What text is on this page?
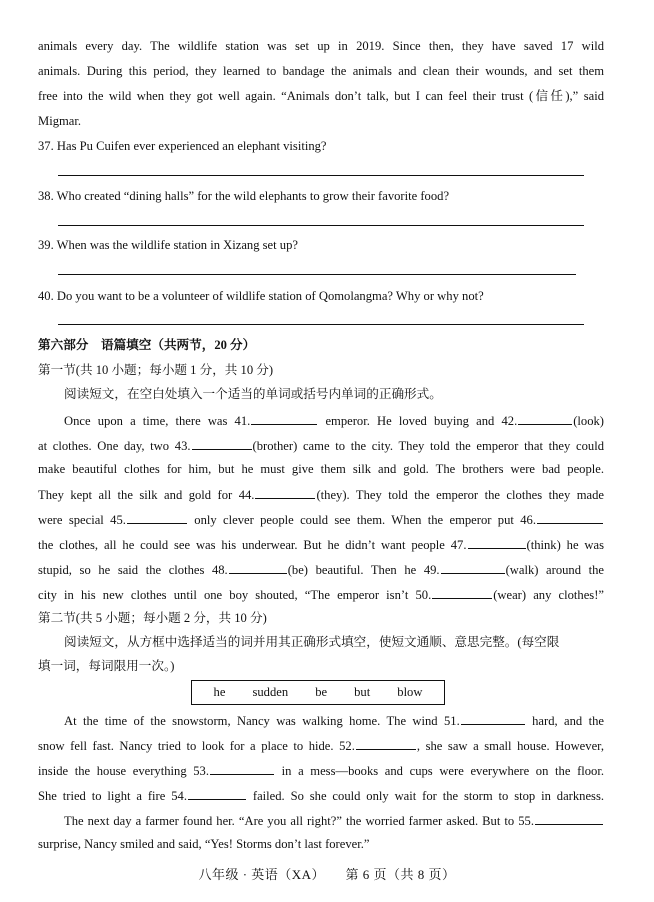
animals every day. The wildlife station was set up in 2019. Since then, they have saved 17 wild
animals. During this period, they learned to bandage the animals and clean their wounds, and set them
free into the wild when they got well again. “Animals don’t talk, but I can feel their trust (信任),” said
Migmar.
37. Has Pu Cuifen ever experienced an elephant visiting?
38. Who created “dining halls” for the wild elephants to grow their favorite food?
39. When was the wildlife station in Xizang set up?
40. Do you want to be a volunteer of wildlife station of Qomolangma? Why or why not?
第六部分　语篇填空（共两节，20 分）
第一节(共 10 小题；每小题 1 分，共 10 分)
阅读短文，在空白处填入一个适当的单词或括号内单词的正确形式。
Once upon a time, there was 41.	emperor. He loved buying and 42.	(look)
at clothes. One day, two 43.	(brother) came to the city. They told the emperor that they could
make beautiful clothes for him, but he must give them silk and gold. The brothers were bad people.
They kept all the silk and gold for 44.	(they). They told the emperor the clothes they made
were special 45.	only clever people could see them. When the emperor put 46.
the clothes, all he could see was his underwear. But he didn’t want people 47.	(think) he was
stupid, so he said the clothes 48.	(be) beautiful. Then he 49.	(walk) around the
city in his new clothes until one boy shouted, “The emperor isn’t 50.	(wear) any clothes!”
第二节(共 5 小题；每小题 2 分，共 10 分)
阅读短文，从方框中选择适当的词并用其正确形式填空，使短文通顺、意思完整。(每空限
填一词，每词限用一次。)
he sudden be but blow
At the time of the snowstorm, Nancy was walking home. The wind 51.	hard, and the
snow fell fast. Nancy tried to look for a place to hide. 52.	, she saw a small house. However,
inside the house everything 53.	in a mess—books and cups were everywhere on the floor.
She tried to light a fire 54.	failed. So she could only wait for the storm to stop in darkness.
The next day a farmer found her. “Are you all right?” the worried farmer asked. But to 55.
surprise, Nancy smiled and said, “Yes! Storms don’t last forever.”
八年级 · 英语（XA）　　第 6 页（共 8 页）
